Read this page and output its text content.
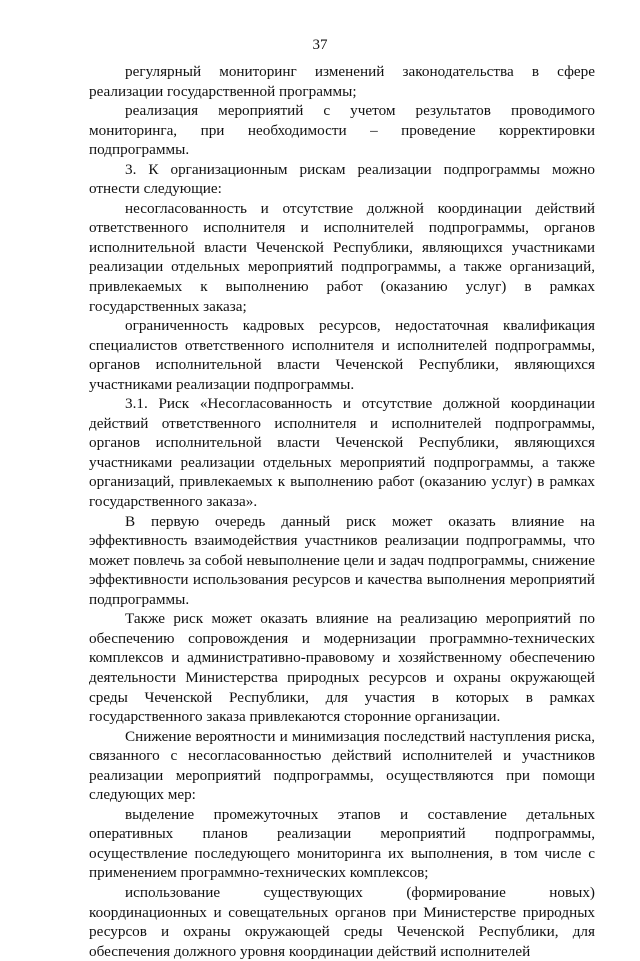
37

регулярный мониторинг изменений законодательства в сфере реализации государственной программы;

реализация мероприятий с учетом результатов проводимого мониторинга, при необходимости – проведение корректировки подпрограммы.

3. К организационным рискам реализации подпрограммы можно отнести следующие:

несогласованность и отсутствие должной координации действий ответственного исполнителя и исполнителей подпрограммы, органов исполнительной власти Чеченской Республики, являющихся участниками реализации отдельных мероприятий подпрограммы, а также организаций, привлекаемых к выполнению работ (оказанию услуг) в рамках государственных заказа;

ограниченность кадровых ресурсов, недостаточная квалификация специалистов ответственного исполнителя и исполнителей подпрограммы, органов исполнительной власти Чеченской Республики, являющихся участниками реализации подпрограммы.

3.1. Риск «Несогласованность и отсутствие должной координации действий ответственного исполнителя и исполнителей подпрограммы, органов исполнительной власти Чеченской Республики, являющихся участниками реализации отдельных мероприятий подпрограммы, а также организаций, привлекаемых к выполнению работ (оказанию услуг) в рамках государственного заказа».

В первую очередь данный риск может оказать влияние на эффективность взаимодействия участников реализации подпрограммы, что может повлечь за собой невыполнение цели и задач подпрограммы, снижение эффективности использования ресурсов и качества выполнения мероприятий подпрограммы.

Также риск может оказать влияние на реализацию мероприятий по обеспечению сопровождения и модернизации программно-технических комплексов и административно-правовому и хозяйственному обеспечению деятельности Министерства природных ресурсов и охраны окружающей среды Чеченской Республики, для участия в которых в рамках государственного заказа привлекаются сторонние организации.

Снижение вероятности и минимизация последствий наступления риска, связанного с несогласованностью действий исполнителей и участников реализации мероприятий подпрограммы, осуществляются при помощи следующих мер:

выделение промежуточных этапов и составление детальных оперативных планов реализации мероприятий подпрограммы, осуществление последующего мониторинга их выполнения, в том числе с применением программно-технических комплексов;

использование существующих (формирование новых) координационных и совещательных органов при Министерстве природных ресурсов и охраны окружающей среды Чеченской Республики, для обеспечения должного уровня координации действий исполнителей
